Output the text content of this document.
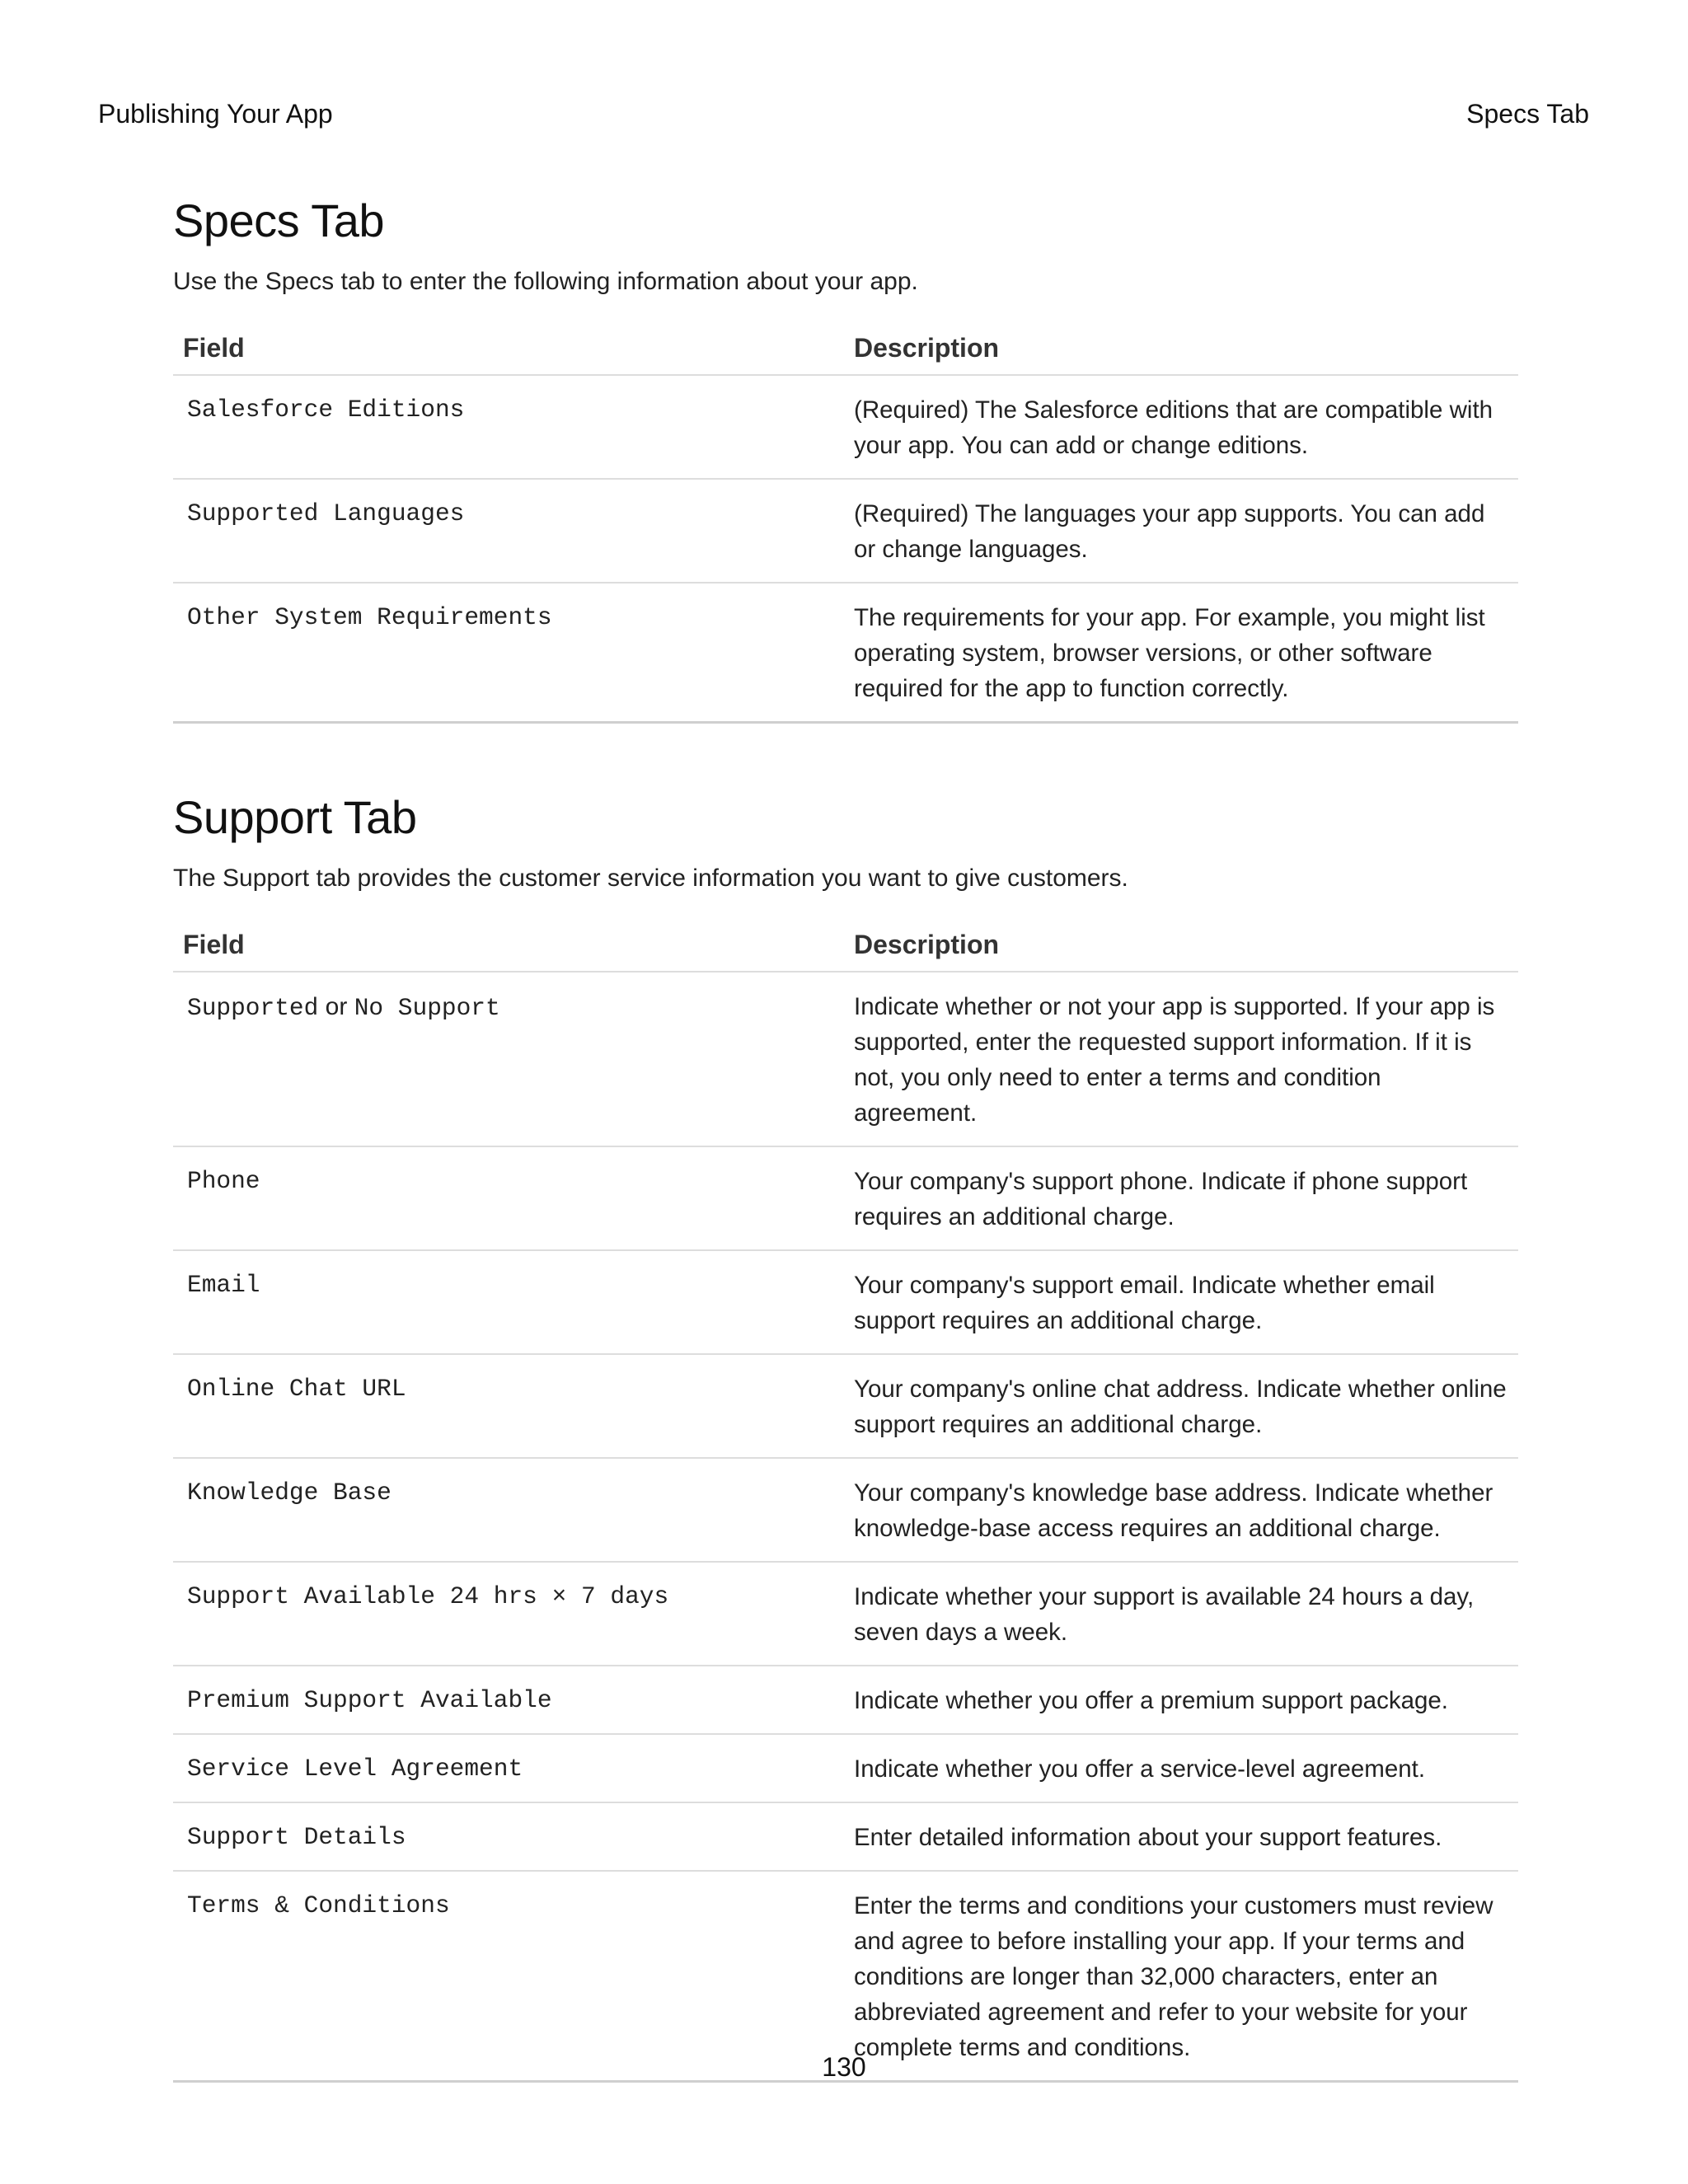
Publishing Your App	Specs Tab
Specs Tab

Use the Specs tab to enter the following information about your app.

Field	Description
Salesforce Editions	(Required) The Salesforce editions that are compatible with your app. You can add or change editions.
Supported Languages	(Required) The languages your app supports. You can add or change languages.
Other System Requirements	The requirements for your app. For example, you might list operating system, browser versions, or other software required for the app to function correctly.
Support Tab

The Support tab provides the customer service information you want to give customers.

Field	Description
Supported or No Support	Indicate whether or not your app is supported. If your app is supported, enter the requested support information. If it is not, you only need to enter a terms and condition agreement.
Phone	Your company's support phone. Indicate if phone support requires an additional charge.
Email	Your company's support email. Indicate whether email support requires an additional charge.
Online Chat URL	Your company's online chat address. Indicate whether online support requires an additional charge.
Knowledge Base	Your company's knowledge base address. Indicate whether knowledge-base access requires an additional charge.
Support Available 24 hrs × 7 days	Indicate whether your support is available 24 hours a day, seven days a week.
Premium Support Available	Indicate whether you offer a premium support package.
Service Level Agreement	Indicate whether you offer a service-level agreement.
Support Details	Enter detailed information about your support features.
Terms & Conditions	Enter the terms and conditions your customers must review and agree to before installing your app. If your terms and conditions are longer than 32,000 characters, enter an abbreviated agreement and refer to your website for your complete terms and conditions.
130
